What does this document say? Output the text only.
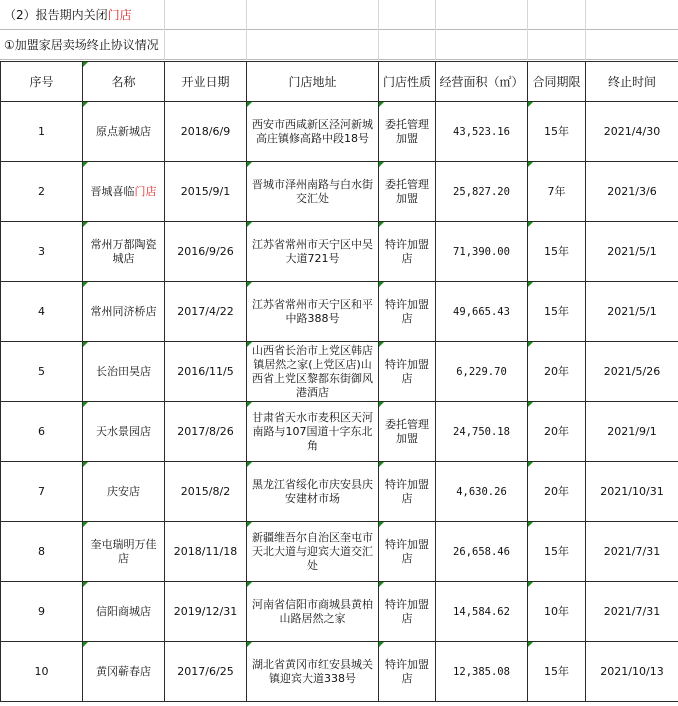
（2）报告期内关闭门店
①加盟家居卖场终止协议情况
序号	名称	开业日期	门店地址	门店性质	经营面积（㎡）	合同期限	终止时间
1	原点新城店	2018/6/9	西安市西咸新区泾河新城高庄镇修高路中段18号	委托管理加盟	43,523.16	15年	2021/4/30
2	晋城喜临门店	2015/9/1	晋城市泽州南路与白水街交汇处	委托管理加盟	25,827.20	7年	2021/3/6
3	常州万都陶瓷城店	2016/9/26	江苏省常州市天宁区中吴大道721号	特许加盟店	71,390.00	15年	2021/5/1
4	常州同济桥店	2017/4/22	江苏省常州市天宁区和平中路388号	特许加盟店	49,665.43	15年	2021/5/1
5	长治田昊店	2016/11/5	山西省长治市上党区韩店镇居然之家(上党区店)山西省上党区黎都东街御风港酒店	特许加盟店	6,229.70	20年	2021/5/26
6	天水景园店	2017/8/26	甘肃省天水市麦积区天河南路与107国道十字东北角	委托管理加盟	24,750.18	20年	2021/9/1
7	庆安店	2015/8/2	黑龙江省绥化市庆安县庆安建材市场	特许加盟店	4,630.26	20年	2021/10/31
8	奎屯瑞明万佳店	2018/11/18	新疆维吾尔自治区奎屯市天北大道与迎宾大道交汇处	特许加盟店	26,658.46	15年	2021/7/31
9	信阳商城店	2019/12/31	河南省信阳市商城县黄柏山路居然之家	特许加盟店	14,584.62	10年	2021/7/31
10	黄冈蕲春店	2017/6/25	湖北省黄冈市红安县城关镇迎宾大道338号	特许加盟店	12,385.08	15年	2021/10/13
